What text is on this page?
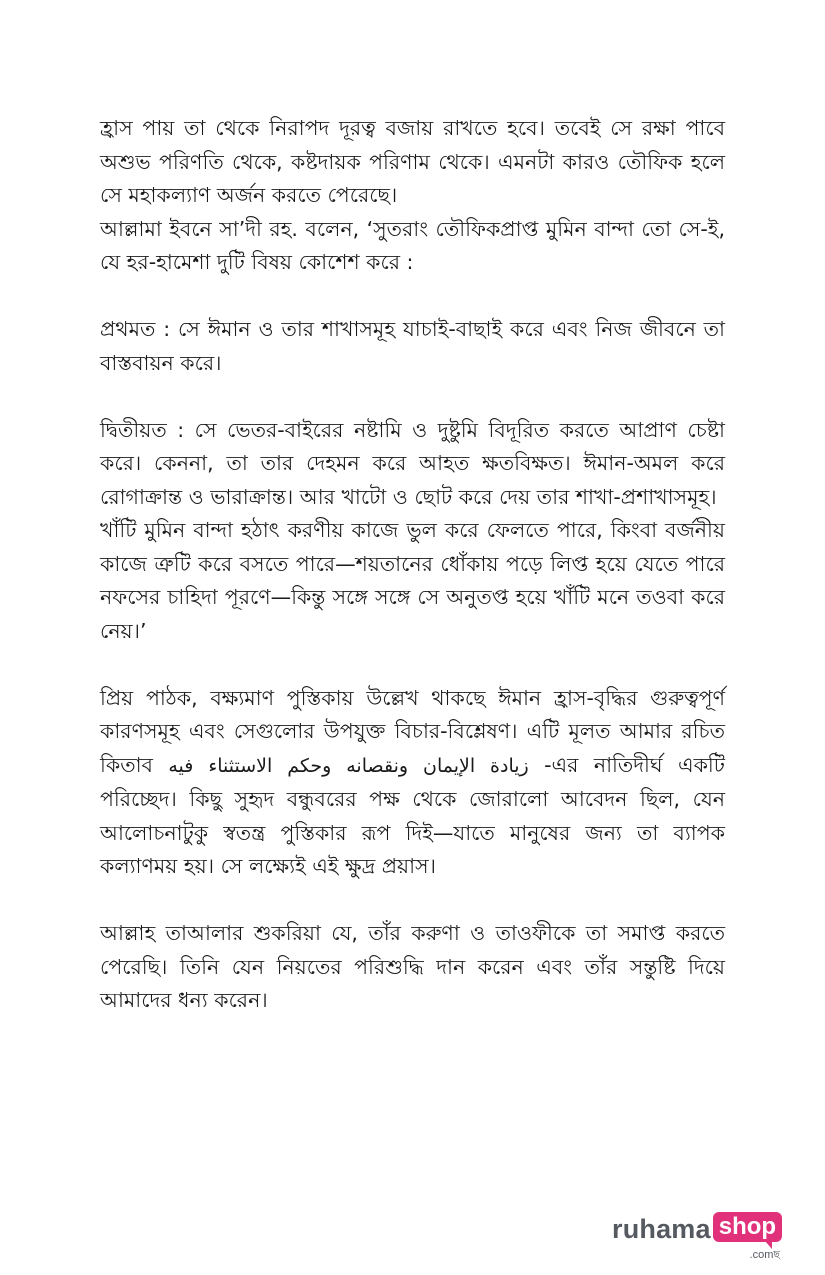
হ্রাস পায় তা থেকে নিরাপদ দূরত্ব বজায় রাখতে হবে। তবেই সে রক্ষা পাবে অশুভ পরিণতি থেকে, কষ্টদায়ক পরিণাম থেকে। এমনটা কারও তৌফিক হলে সে মহাকল্যাণ অর্জন করতে পেরেছে।

আল্লামা ইবনে সা’দী রহ. বলেন, ‘সুতরাং তৌফিকপ্রাপ্ত মুমিন বান্দা তো সে-ই, যে হর-হামেশা দুটি বিষয় কোশেশ করে :

প্রথমত : সে ঈমান ও তার শাখাসমূহ যাচাই-বাছাই করে এবং নিজ জীবনে তা বাস্তবায়ন করে।

দ্বিতীয়ত : সে ভেতর-বাইরের নষ্টামি ও দুষ্টুমি বিদূরিত করতে আপ্রাণ চেষ্টা করে। কেননা, তা তার দেহমন করে আহত ক্ষতবিক্ষত। ঈমান-অমল করে রোগাক্রান্ত ও ভারাক্রান্ত। আর খাটো ও ছোট করে দেয় তার শাখা-প্রশাখাসমূহ।

খাঁটি মুমিন বান্দা হঠাৎ করণীয় কাজে ভুল করে ফেলতে পারে, কিংবা বর্জনীয় কাজে ত্রুটি করে বসতে পারে—শয়তানের ধোঁকায় পড়ে লিপ্ত হয়ে যেতে পারে নফসের চাহিদা পূরণে—কিন্তু সঙ্গে সঙ্গে সে অনুতপ্ত হয়ে খাঁটি মনে তওবা করে নেয়।’

প্রিয় পাঠক, বক্ষ্যমাণ পুস্তিকায় উল্লেখ থাকছে ঈমান হ্রাস-বৃদ্ধির গুরুত্বপূর্ণ কারণসমূহ এবং সেগুলোর উপযুক্ত বিচার-বিশ্লেষণ। এটি মূলত আমার রচিত কিতাব زيادة الإيمان ونقصانه وحكم الاستثناء فيه -এর নাতিদীর্ঘ একটি পরিচ্ছেদ। কিছু সুহৃদ বন্ধুবরের পক্ষ থেকে জোরালো আবেদন ছিল, যেন আলোচনাটুকু স্বতন্ত্র পুস্তিকার রূপ দিই—যাতে মানুষের জন্য তা ব্যাপক কল্যাণময় হয়। সে লক্ষ্যেই এই ক্ষুদ্র প্রয়াস।

আল্লাহ তাআলার শুকরিয়া যে, তাঁর করুণা ও তাওফীকে তা সমাপ্ত করতে পেরেছি। তিনি যেন নিয়তের পরিশুদ্ধি দান করেন এবং তাঁর সন্তুষ্টি দিয়ে আমাদের ধন্য করেন।

ruhama shop
.comছ
